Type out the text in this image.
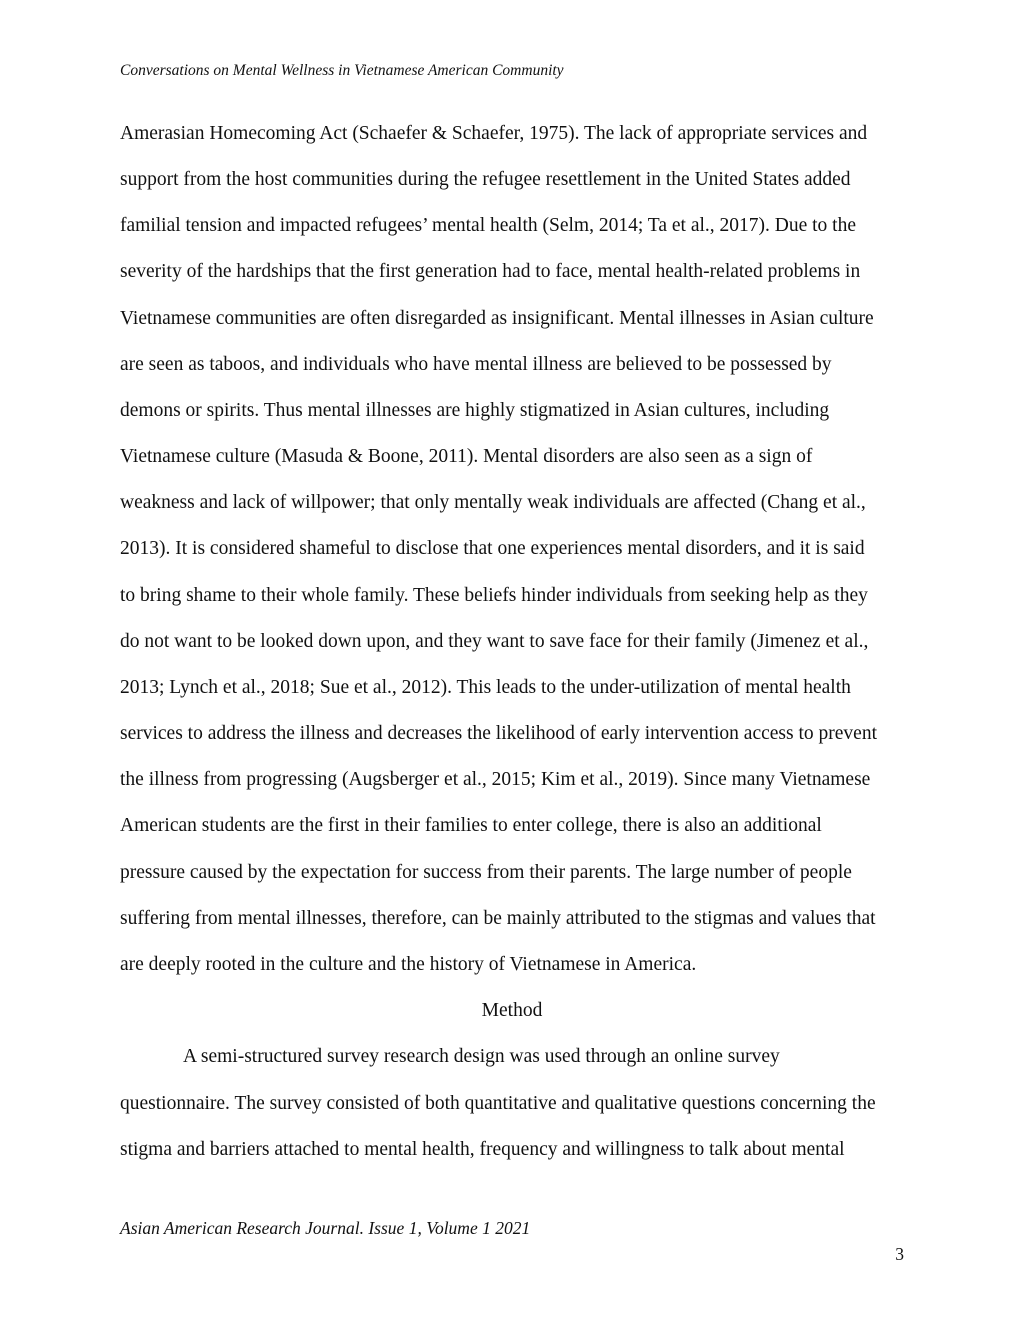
Conversations on Mental Wellness in Vietnamese American Community
Amerasian Homecoming Act (Schaefer & Schaefer, 1975). The lack of appropriate services and
support from the host communities during the refugee resettlement in the United States added
familial tension and impacted refugees’ mental health (Selm, 2014; Ta et al., 2017). Due to the
severity of the hardships that the first generation had to face, mental health-related problems in
Vietnamese communities are often disregarded as insignificant. Mental illnesses in Asian culture
are seen as taboos, and individuals who have mental illness are believed to be possessed by
demons or spirits. Thus mental illnesses are highly stigmatized in Asian cultures, including
Vietnamese culture (Masuda & Boone, 2011). Mental disorders are also seen as a sign of
weakness and lack of willpower; that only mentally weak individuals are affected (Chang et al.,
2013). It is considered shameful to disclose that one experiences mental disorders, and it is said
to bring shame to their whole family. These beliefs hinder individuals from seeking help as they
do not want to be looked down upon, and they want to save face for their family (Jimenez et al.,
2013; Lynch et al., 2018; Sue et al., 2012). This leads to the under-utilization of mental health
services to address the illness and decreases the likelihood of early intervention access to prevent
the illness from progressing (Augsberger et al., 2015; Kim et al., 2019). Since many Vietnamese
American students are the first in their families to enter college, there is also an additional
pressure caused by the expectation for success from their parents. The large number of people
suffering from mental illnesses, therefore, can be mainly attributed to the stigmas and values that
are deeply rooted in the culture and the history of Vietnamese in America.
Method
A semi-structured survey research design was used through an online survey
questionnaire. The survey consisted of both quantitative and qualitative questions concerning the
stigma and barriers attached to mental health, frequency and willingness to talk about mental
Asian American Research Journal. Issue 1, Volume 1 2021
3
